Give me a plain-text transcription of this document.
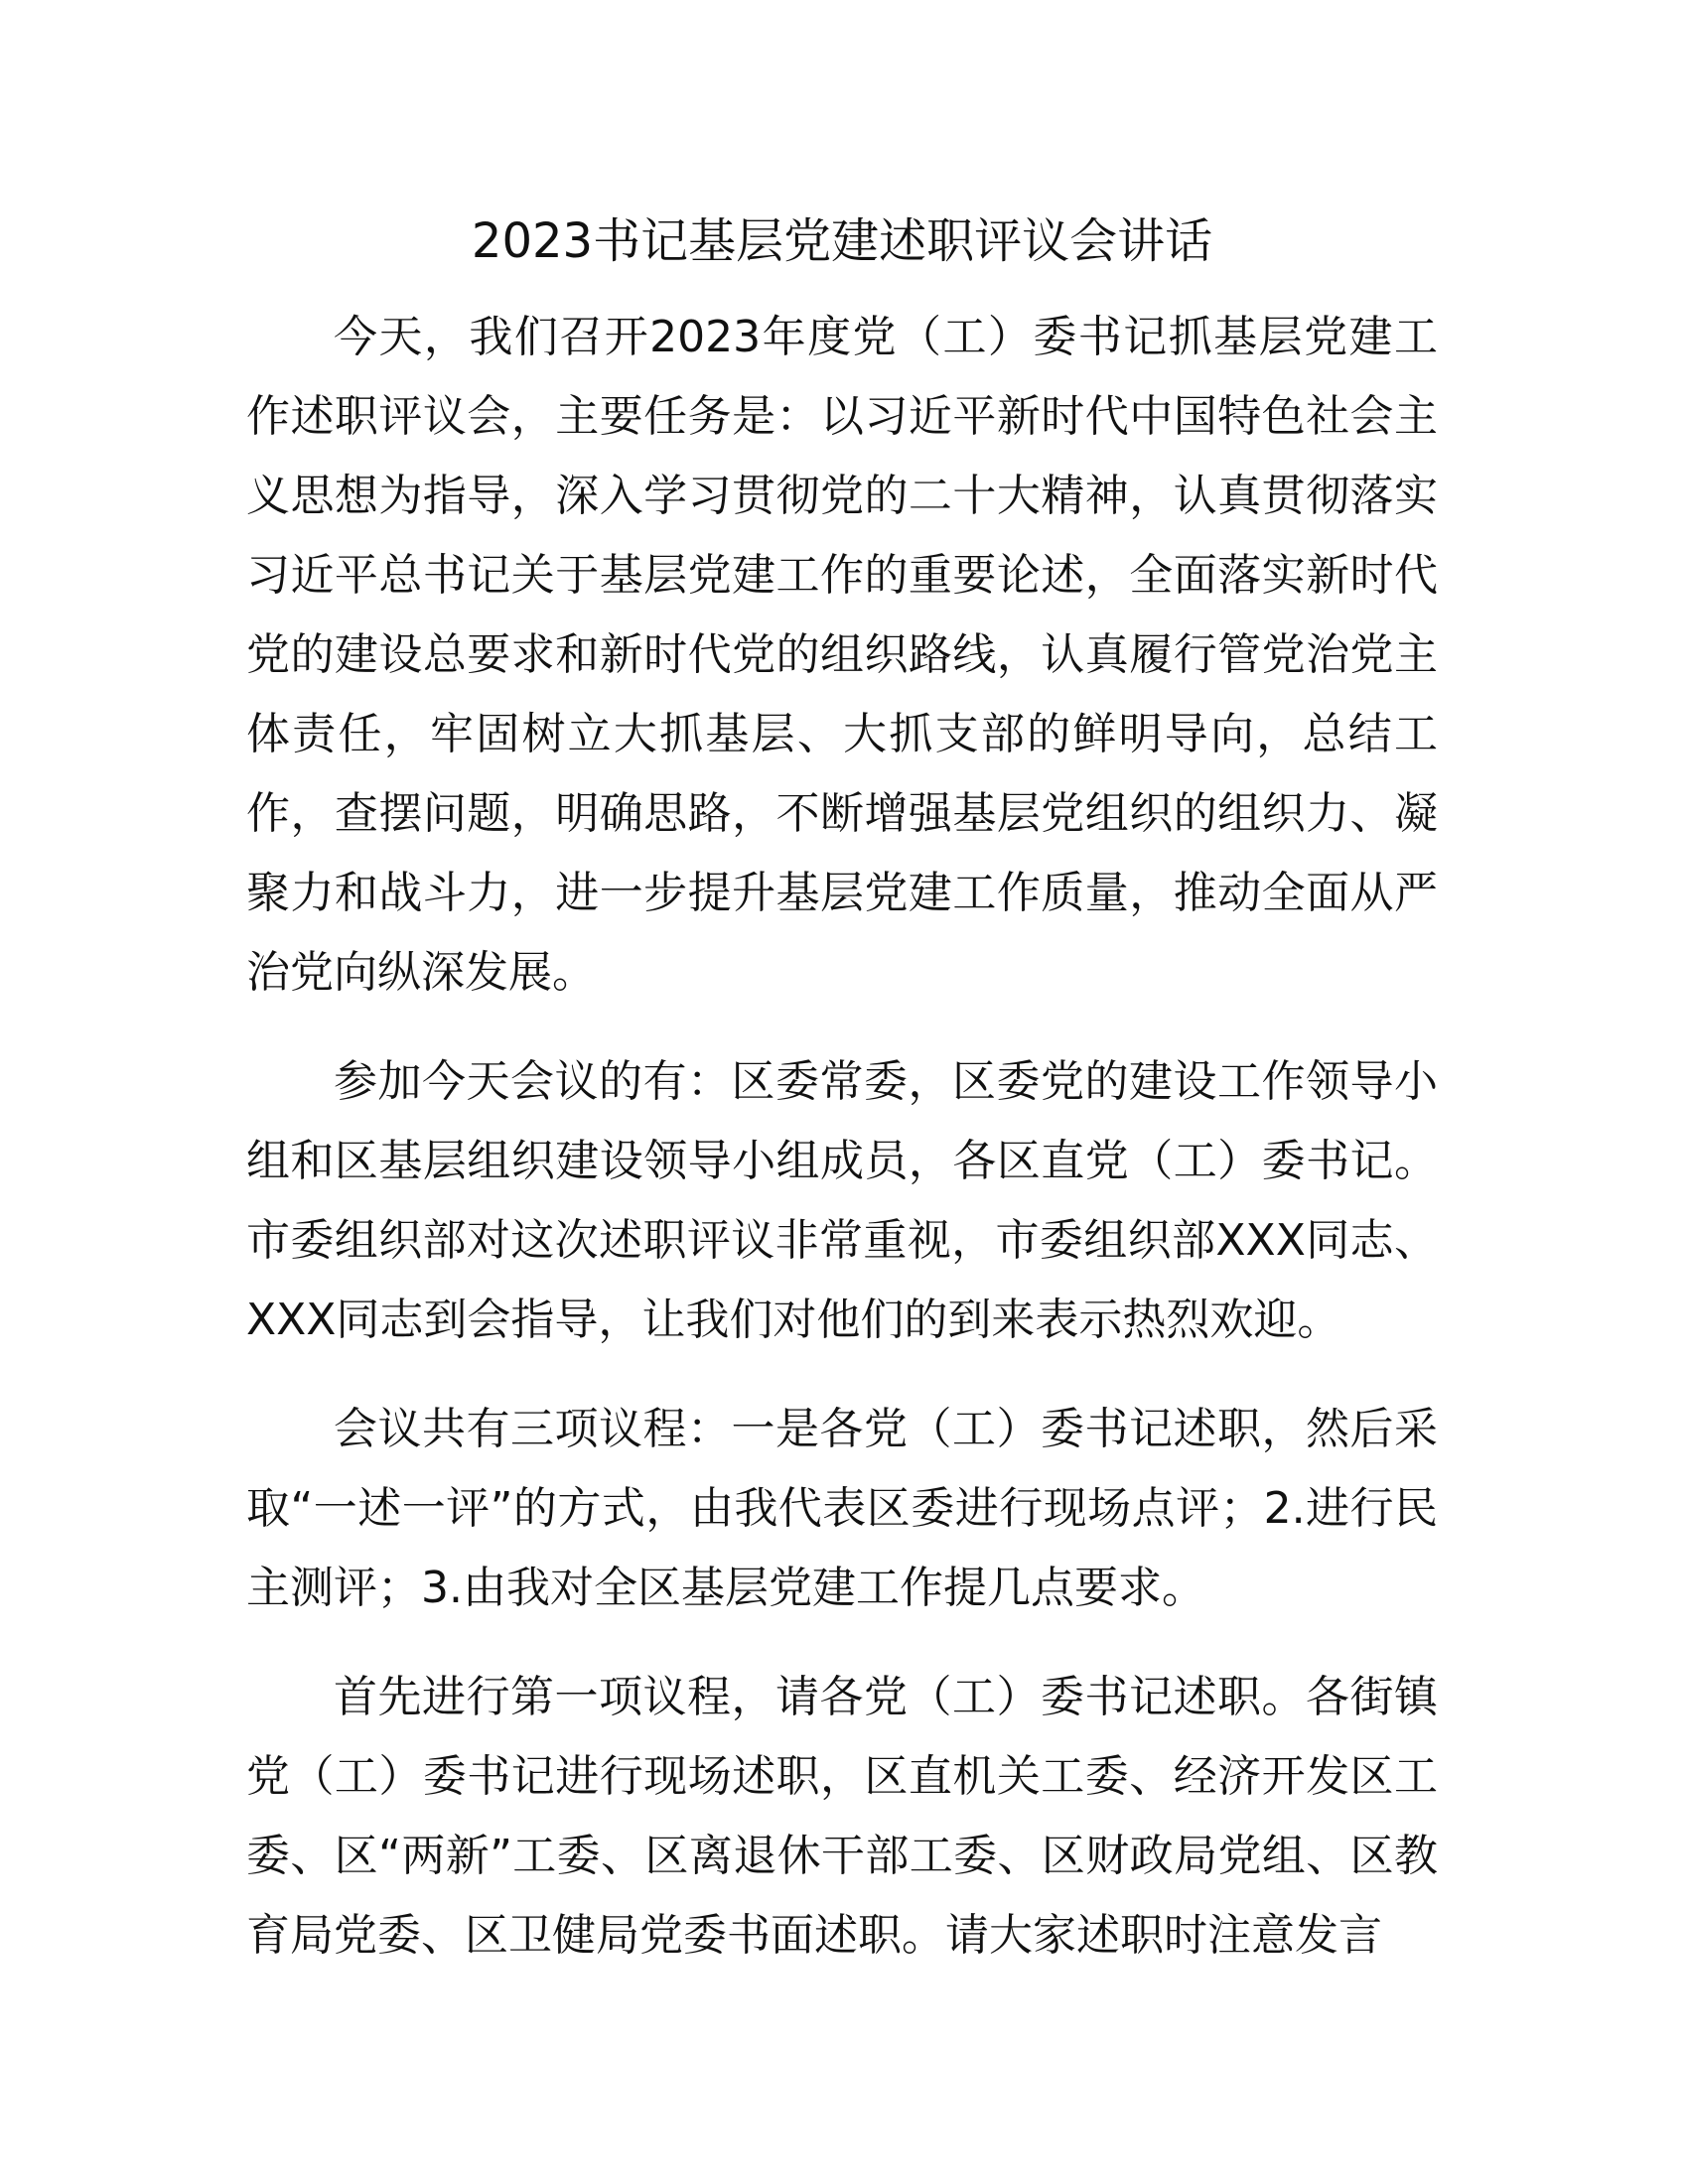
2023书记基层党建述职评议会讲话

今天，我们召开2023年度党（工）委书记抓基层党建工作述职评议会，主要任务是：以习近平新时代中国特色社会主义思想为指导，深入学习贯彻党的二十大精神，认真贯彻落实习近平总书记关于基层党建工作的重要论述，全面落实新时代党的建设总要求和新时代党的组织路线，认真履行管党治党主体责任，牢固树立大抓基层、大抓支部的鲜明导向，总结工作，查摆问题，明确思路，不断增强基层党组织的组织力、凝聚力和战斗力，进一步提升基层党建工作质量，推动全面从严治党向纵深发展。

参加今天会议的有：区委常委，区委党的建设工作领导小组和区基层组织建设领导小组成员，各区直党（工）委书记。市委组织部对这次述职评议非常重视，市委组织部XXX同志、XXX同志到会指导，让我们对他们的到来表示热烈欢迎。

会议共有三项议程：一是各党（工）委书记述职，然后采取“一述一评”的方式，由我代表区委进行现场点评；2.进行民主测评；3.由我对全区基层党建工作提几点要求。

首先进行第一项议程，请各党（工）委书记述职。各街镇党（工）委书记进行现场述职，区直机关工委、经济开发区工委、区“两新”工委、区离退休干部工委、区财政局党组、区教育局党委、区卫健局党委书面述职。请大家述职时注意发言
